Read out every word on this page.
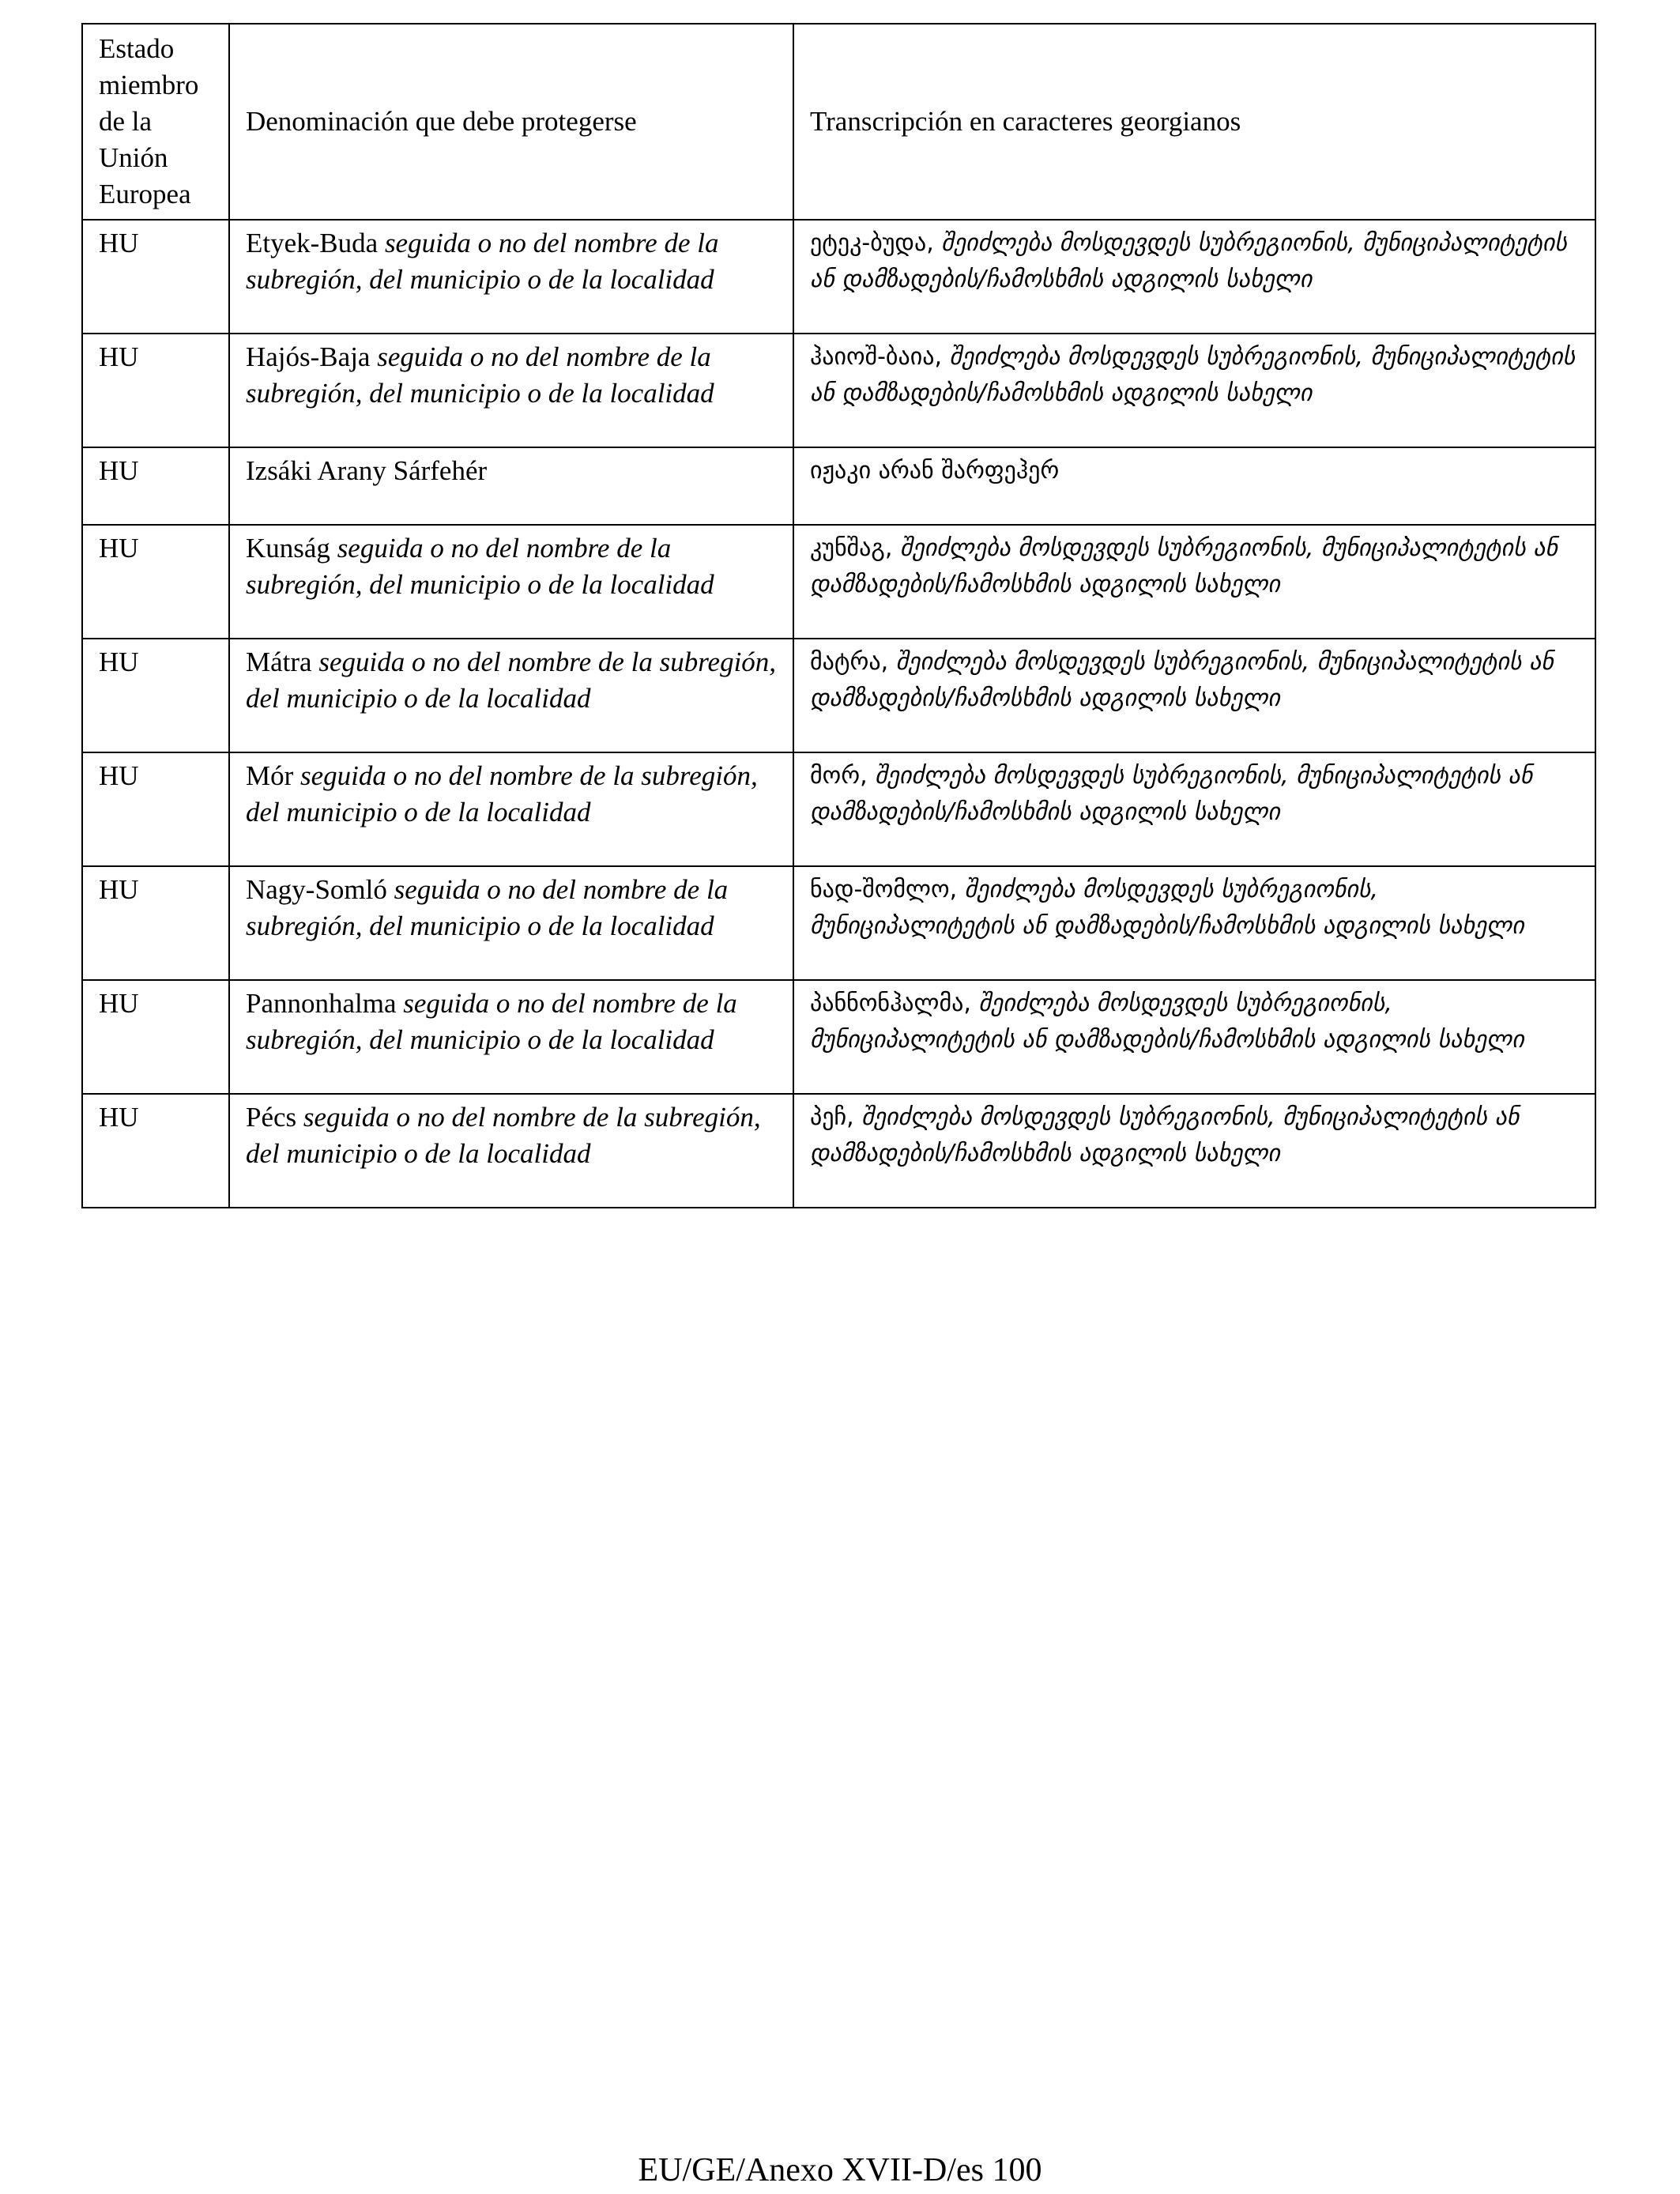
Estado miembro de la Unión Europea	Denominación que debe protegerse	Transcripción en caracteres georgianos
HU	Etyek-Buda seguida o no del nombre de la subregión, del municipio o de la localidad	ეტეკ-ბუდა, შეიძლება მოსდევდეს სუბრეგიონის, მუნიციპალიტეტის ან დამზადების/ჩამოსხმის ადგილის სახელი
HU	Hajós-Baja seguida o no del nombre de la subregión, del municipio o de la localidad	ჰაიოშ-ბაია, შეიძლება მოსდევდეს სუბრეგიონის, მუნიციპალიტეტის ან დამზადების/ჩამოსხმის ადგილის სახელი
HU	Izsáki Arany Sárfehér	იჟაკი არან შარფეჰერ
HU	Kunság seguida o no del nombre de la subregión, del municipio o de la localidad	კუნშაგ, შეიძლება მოსდევდეს სუბრეგიონის, მუნიციპალიტეტის ან დამზადების/ჩამოსხმის ადგილის სახელი
HU	Mátra seguida o no del nombre de la subregión, del municipio o de la localidad	მატრა, შეიძლება მოსდევდეს სუბრეგიონის, მუნიციპალიტეტის ან დამზადების/ჩამოსხმის ადგილის სახელი
HU	Mór seguida o no del nombre de la subregión, del municipio o de la localidad	მორ, შეიძლება მოსდევდეს სუბრეგიონის, მუნიციპალიტეტის ან დამზადების/ჩამოსხმის ადგილის სახელი
HU	Nagy-Somló seguida o no del nombre de la subregión, del municipio o de la localidad	ნად-შომლო, შეიძლება მოსდევდეს სუბრეგიონის, მუნიციპალიტეტის ან დამზადების/ჩამოსხმის ადგილის სახელი
HU	Pannonhalma seguida o no del nombre de la subregión, del municipio o de la localidad	პანნონჰალმა, შეიძლება მოსდევდეს სუბრეგიონის, მუნიციპალიტეტის ან დამზადების/ჩამოსხმის ადგილის სახელი
HU	Pécs seguida o no del nombre de la subregión, del municipio o de la localidad	პეჩ, შეიძლება მოსდევდეს სუბრეგიონის, მუნიციპალიტეტის ან დამზადების/ჩამოსხმის ადგილის სახელი
EU/GE/Anexo XVII-D/es 100
